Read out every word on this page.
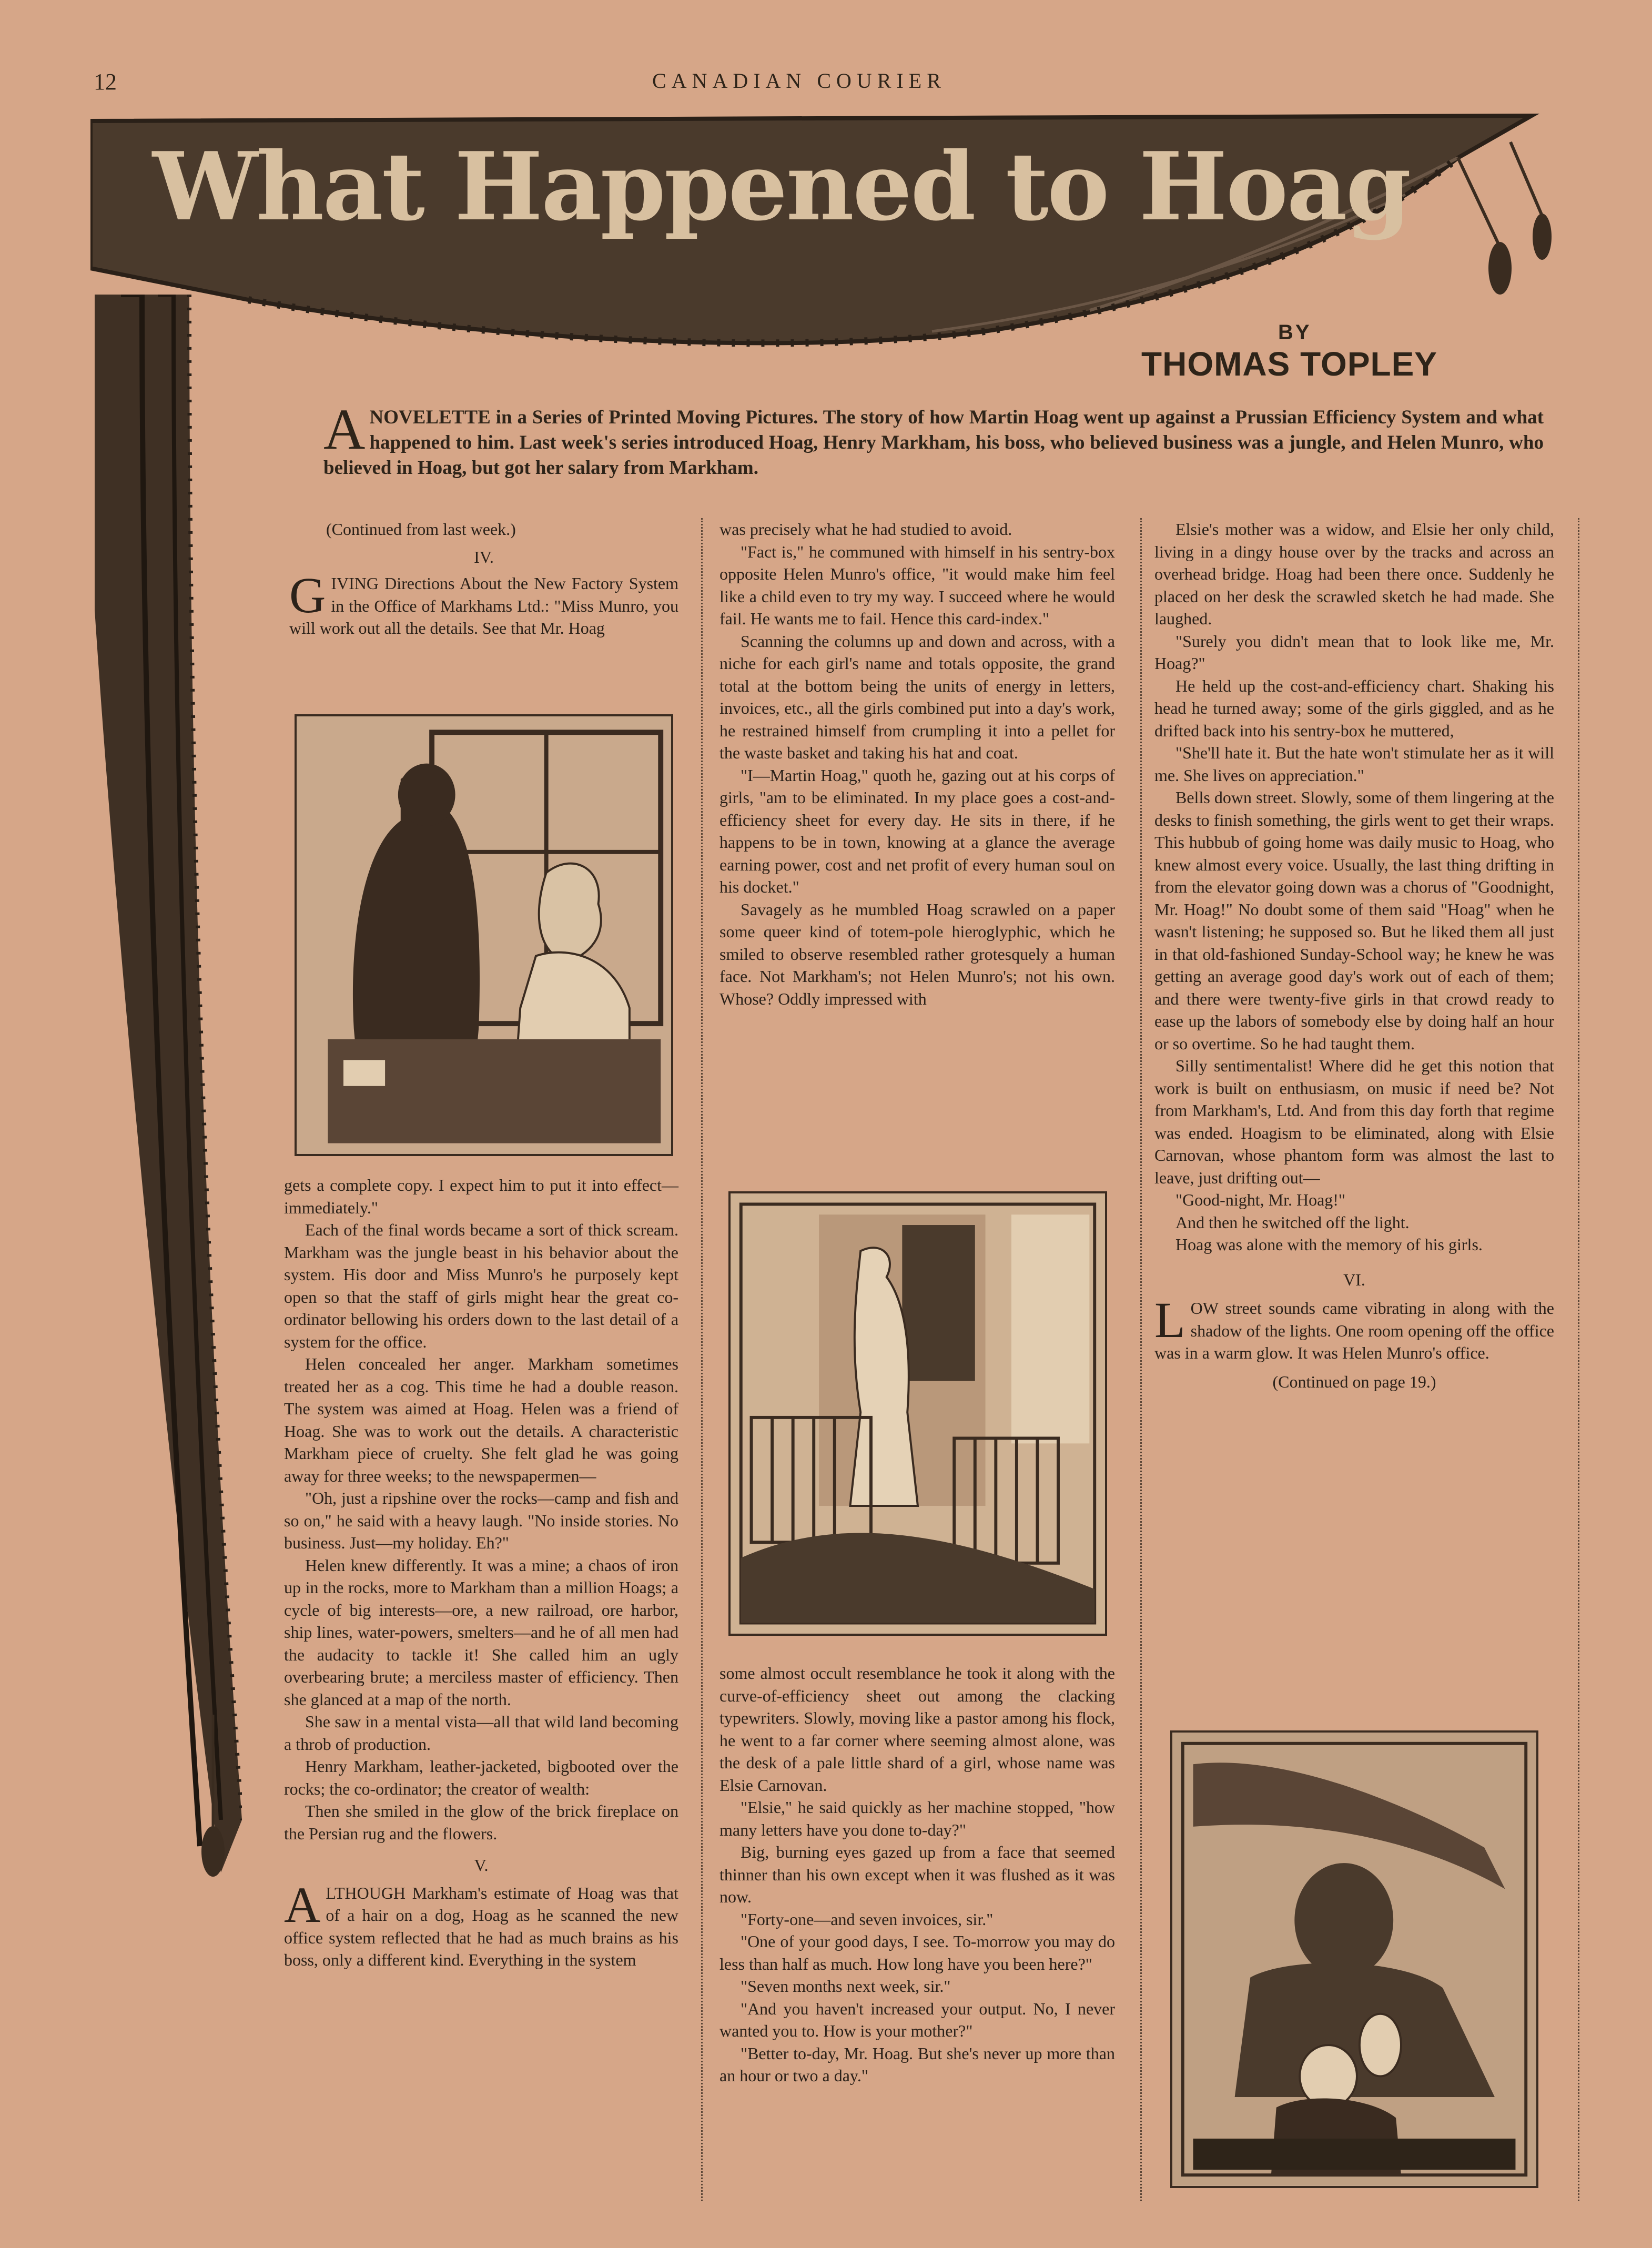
12	CANADIAN COURIER
What Happened to Hoag
BY
THOMAS TOPLEY
A NOVELETTE in a Series of Printed Moving Pictures. The story of how Martin Hoag went up against a Prussian Efficiency System and what happened to him. Last week's series introduced Hoag, Henry Markham, his boss, who believed business was a jungle, and Helen Munro, who believed in Hoag, but got her salary from Markham.

(Continued from last week.)

IV.

GIVING Directions About the New Factory System in the Office of Markhams Ltd.: "Miss Munro, you will work out all the details. See that Mr. Hoag

gets a complete copy. I expect him to put it into effect—immediately."

Each of the final words became a sort of thick scream. Markham was the jungle beast in his behavior about the system. His door and Miss Munro's he purposely kept open so that the staff of girls might hear the great co-ordinator bellowing his orders down to the last detail of a system for the office.

Helen concealed her anger. Markham sometimes treated her as a cog. This time he had a double reason. The system was aimed at Hoag. Helen was a friend of Hoag. She was to work out the details. A characteristic Markham piece of cruelty. She felt glad he was going away for three weeks; to the newspapermen—

"Oh, just a ripshine over the rocks—camp and fish and so on," he said with a heavy laugh. "No inside stories. No business. Just—my holiday. Eh?"

Helen knew differently. It was a mine; a chaos of iron up in the rocks, more to Markham than a million Hoags; a cycle of big interests—ore, a new railroad, ore harbor, ship lines, water-powers, smelters—and he of all men had the audacity to tackle it! She called him an ugly overbearing brute; a merciless master of efficiency. Then she glanced at a map of the north.

She saw in a mental vista—all that wild land becoming a throb of production.

Henry Markham, leather-jacketed, bigbooted over the rocks; the co-ordinator; the creator of wealth:

Then she smiled in the glow of the brick fireplace on the Persian rug and the flowers.

V.

ALTHOUGH Markham's estimate of Hoag was that of a hair on a dog, Hoag as he scanned the new office system reflected that he had as much brains as his boss, only a different kind. Everything in the system

was precisely what he had studied to avoid.

"Fact is," he communed with himself in his sentry-box opposite Helen Munro's office, "it would make him feel like a child even to try my way. I succeed where he would fail. He wants me to fail. Hence this card-index."

Scanning the columns up and down and across, with a niche for each girl's name and totals opposite, the grand total at the bottom being the units of energy in letters, invoices, etc., all the girls combined put into a day's work, he restrained himself from crumpling it into a pellet for the waste basket and taking his hat and coat.

"I—Martin Hoag," quoth he, gazing out at his corps of girls, "am to be eliminated. In my place goes a cost-and-efficiency sheet for every day. He sits in there, if he happens to be in town, knowing at a glance the average earning power, cost and net profit of every human soul on his docket."

Savagely as he mumbled Hoag scrawled on a paper some queer kind of totem-pole hieroglyphic, which he smiled to observe resembled rather grotesquely a human face. Not Markham's; not Helen Munro's; not his own. Whose? Oddly impressed with

some almost occult resemblance he took it along with the curve-of-efficiency sheet out among the clacking typewriters. Slowly, moving like a pastor among his flock, he went to a far corner where seeming almost alone, was the desk of a pale little shard of a girl, whose name was Elsie Carnovan.

"Elsie," he said quickly as her machine stopped, "how many letters have you done to-day?"

Big, burning eyes gazed up from a face that seemed thinner than his own except when it was flushed as it was now.

"Forty-one—and seven invoices, sir."

"One of your good days, I see. To-morrow you may do less than half as much. How long have you been here?"

"Seven months next week, sir."

"And you haven't increased your output. No, I never wanted you to. How is your mother?"

"Better to-day, Mr. Hoag. But she's never up more than an hour or two a day."

Elsie's mother was a widow, and Elsie her only child, living in a dingy house over by the tracks and across an overhead bridge. Hoag had been there once. Suddenly he placed on her desk the scrawled sketch he had made. She laughed.

"Surely you didn't mean that to look like me, Mr. Hoag?"

He held up the cost-and-efficiency chart. Shaking his head he turned away; some of the girls giggled, and as he drifted back into his sentry-box he muttered,

"She'll hate it. But the hate won't stimulate her as it will me. She lives on appreciation."

Bells down street. Slowly, some of them lingering at the desks to finish something, the girls went to get their wraps. This hubbub of going home was daily music to Hoag, who knew almost every voice. Usually, the last thing drifting in from the elevator going down was a chorus of "Goodnight, Mr. Hoag!" No doubt some of them said "Hoag" when he wasn't listening; he supposed so. But he liked them all just in that old-fashioned Sunday-School way; he knew he was getting an average good day's work out of each of them; and there were twenty-five girls in that crowd ready to ease up the labors of somebody else by doing half an hour or so overtime. So he had taught them.

Silly sentimentalist! Where did he get this notion that work is built on enthusiasm, on music if need be? Not from Markham's, Ltd. And from this day forth that regime was ended. Hoagism to be eliminated, along with Elsie Carnovan, whose phantom form was almost the last to leave, just drifting out—

"Good-night, Mr. Hoag!"

And then he switched off the light.

Hoag was alone with the memory of his girls.

VI.

LOW street sounds came vibrating in along with the shadow of the lights. One room opening off the office was in a warm glow. It was Helen Munro's office.

(Continued on page 19.)
